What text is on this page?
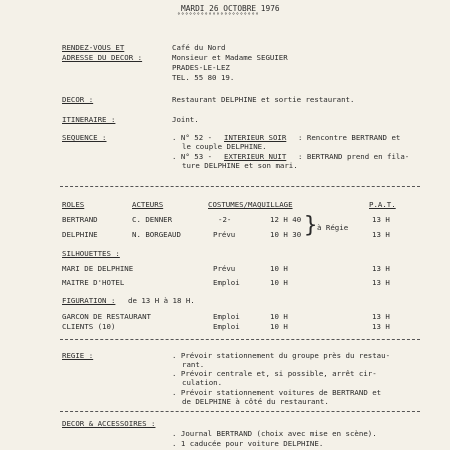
MARDI 26 OCTOBRE 1976
°°°°°°°°°°°°°°°°°°°°°
RENDEZ-VOUS ET
ADRESSE DU DECOR :
Café du Nord
Monsieur et Madame SEGUIER
PRADES-LE-LEZ
TEL. 55 80 19.
DECOR :	Restaurant DELPHINE et sortie restaurant.
ITINERAIRE :	Joint.
SEQUENCE :	. N° 52 - INTERIEUR SOIR : Rencontre BERTRAND et
le couple DELPHINE.
. N° 53 - EXTERIEUR NUIT : BERTRAND prend en fila-
ture DELPHINE et son mari.
ROLES	ACTEURS	COSTUMES/MAQUILLAGE	P.A.T.
BERTRAND	C. DENNER	-2-	12 H 40	13 H
DELPHINE	N. BORGEAUD	Prévu	10 H 30	13 H
} à Régie
SILHOUETTES :
MARI DE DELPHINE	Prévu	10 H	13 H
MAITRE D'HOTEL	Emploi	10 H	13 H
FIGURATION : de 13 H à 18 H.
GARCON DE RESTAURANT	Emploi	10 H	13 H
CLIENTS (10)	Emploi	10 H	13 H
REGIE :	. Prévoir stationnement du groupe près du restau-
rant.
. Prévoir centrale et, si possible, arrêt cir-
culation.
. Prévoir stationnement voitures de BERTRAND et
de DELPHINE à côté du restaurant.
DECOR & ACCESSOIRES :
. Journal BERTRAND (choix avec mise en scène).
. 1 caducée pour voiture DELPHINE.
